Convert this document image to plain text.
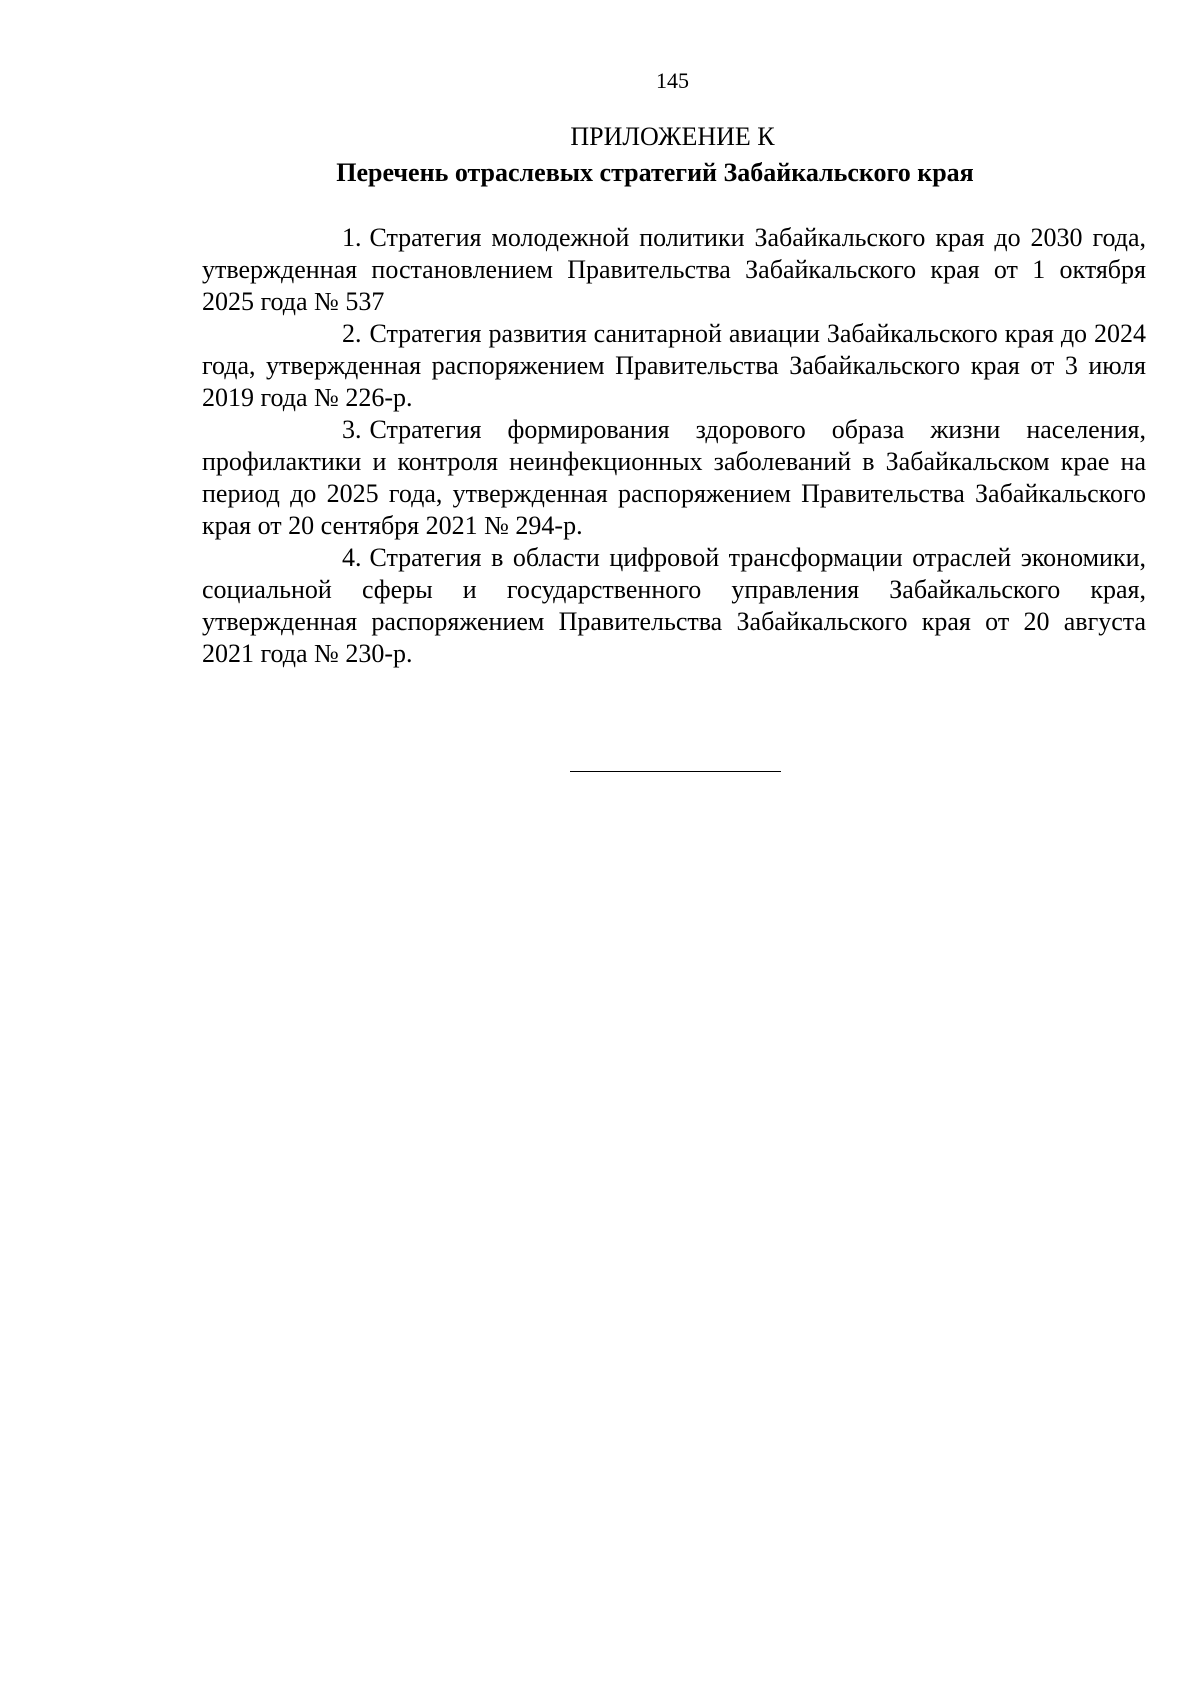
145
ПРИЛОЖЕНИЕ К
Перечень отраслевых стратегий Забайкальского края

1. Стратегия молодежной политики Забайкальского края до 2030 года, утвержденная постановлением Правительства Забайкальского края от 1 октября 2025 года № 537

2. Стратегия развития санитарной авиации Забайкальского края до 2024 года, утвержденная распоряжением Правительства Забайкальского края от 3 июля 2019 года № 226-р.

3. Стратегия формирования здорового образа жизни населения, профилактики и контроля неинфекционных заболеваний в Забайкальском крае на период до 2025 года, утвержденная распоряжением Правительства Забайкальского края от 20 сентября 2021 № 294-р.

4. Стратегия в области цифровой трансформации отраслей экономики, социальной сферы и государственного управления Забайкальского края, утвержденная распоряжением Правительства Забайкальского края от 20 августа 2021 года № 230-р.
